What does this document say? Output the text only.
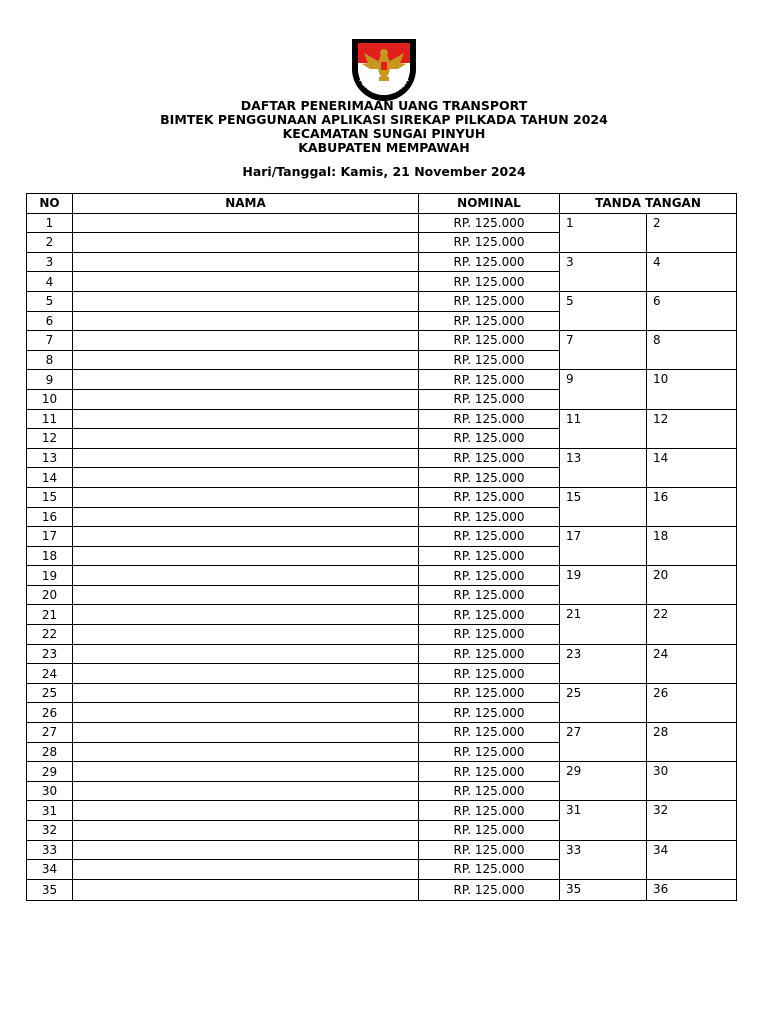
K SI
PEMILIHAN UMUM
DAFTAR PENERIMAAN UANG TRANSPORT
BIMTEK PENGGUNAAN APLIKASI SIREKAP PILKADA TAHUN 2024
KECAMATAN SUNGAI PINYUH
KABUPATEN MEMPAWAH
Hari/Tanggal: Kamis, 21 November 2024
NO	NAMA	NOMINAL	TANDA TANGAN	
1		RP. 125.000	1	2
2		RP. 125.000		
3		RP. 125.000	3	4
4		RP. 125.000		
5		RP. 125.000	5	6
6		RP. 125.000		
7		RP. 125.000	7	8
8		RP. 125.000		
9		RP. 125.000	9	10
10		RP. 125.000		
11		RP. 125.000	11	12
12		RP. 125.000		
13		RP. 125.000	13	14
14		RP. 125.000		
15		RP. 125.000	15	16
16		RP. 125.000		
17		RP. 125.000	17	18
18		RP. 125.000		
19		RP. 125.000	19	20
20		RP. 125.000		
21		RP. 125.000	21	22
22		RP. 125.000		
23		RP. 125.000	23	24
24		RP. 125.000		
25		RP. 125.000	25	26
26		RP. 125.000		
27		RP. 125.000	27	28
28		RP. 125.000		
29		RP. 125.000	29	30
30		RP. 125.000		
31		RP. 125.000	31	32
32		RP. 125.000		
33		RP. 125.000	33	34
34		RP. 125.000		
35		RP. 125.000	35	36
